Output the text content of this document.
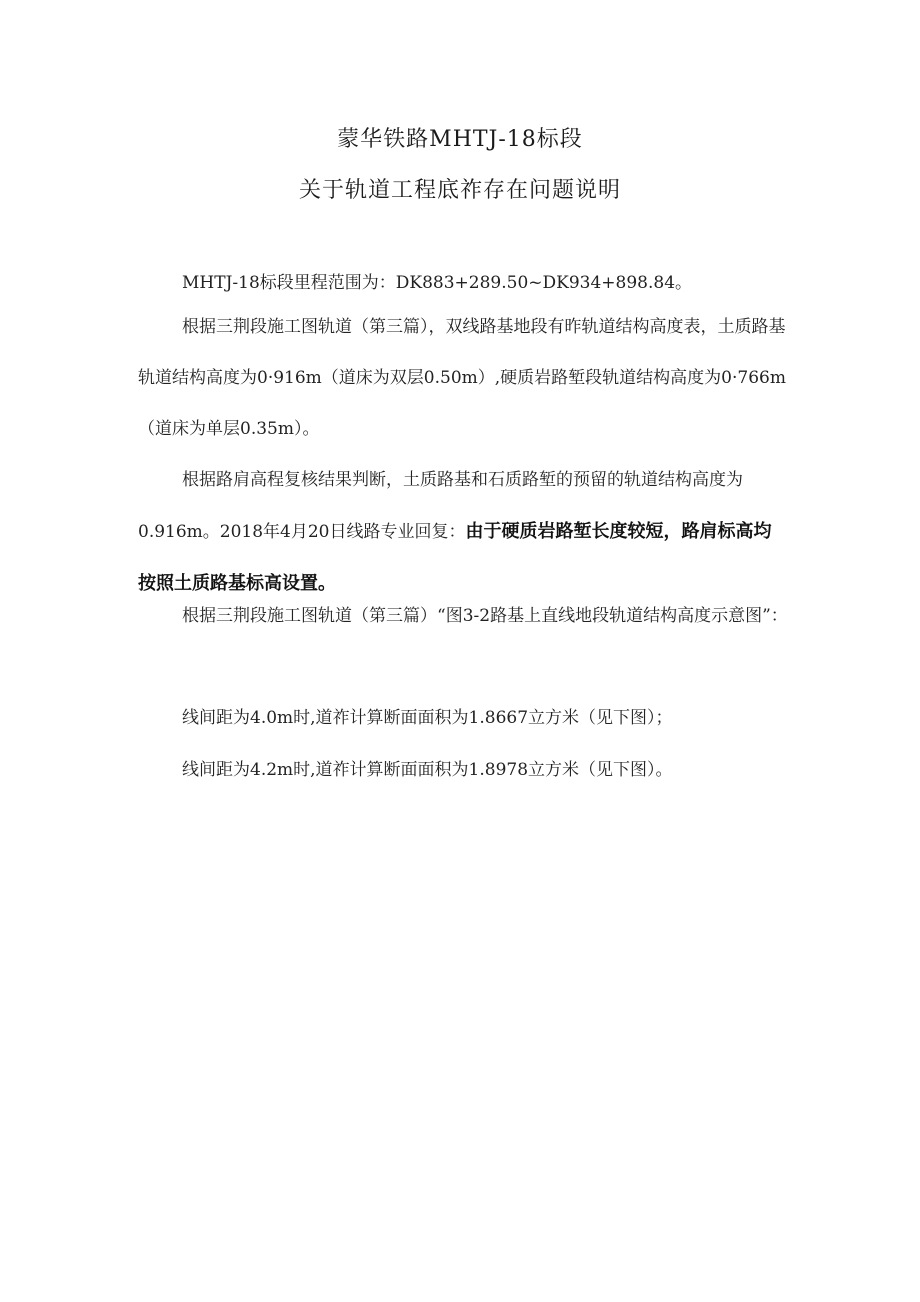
蒙华铁路MHTJ-18标段
关于轨道工程底祚存在问题说明

MHTJ-18标段里程范围为：DK883+289.50~DK934+898.84。

根据三荆段施工图轨道（第三篇），双线路基地段有昨轨道结构高度表，土质路基轨道结构高度为0·916m（道床为双层0.50m）,硬质岩路堑段轨道结构高度为0·766m（道床为单层0.35m）。

根据路肩高程复核结果判断，土质路基和石质路堑的预留的轨道结构高度为0.916m。2018年4月20日线路专业回复：由于硬质岩路堑长度较短，路肩标高均按照土质路基标高设置。

根据三荆段施工图轨道（第三篇）“图3-2路基上直线地段轨道结构高度示意图”：

线间距为4.0m时,道祚计算断面面积为1.8667立方米（见下图）；

线间距为4.2m时,道祚计算断面面积为1.8978立方米（见下图）。
